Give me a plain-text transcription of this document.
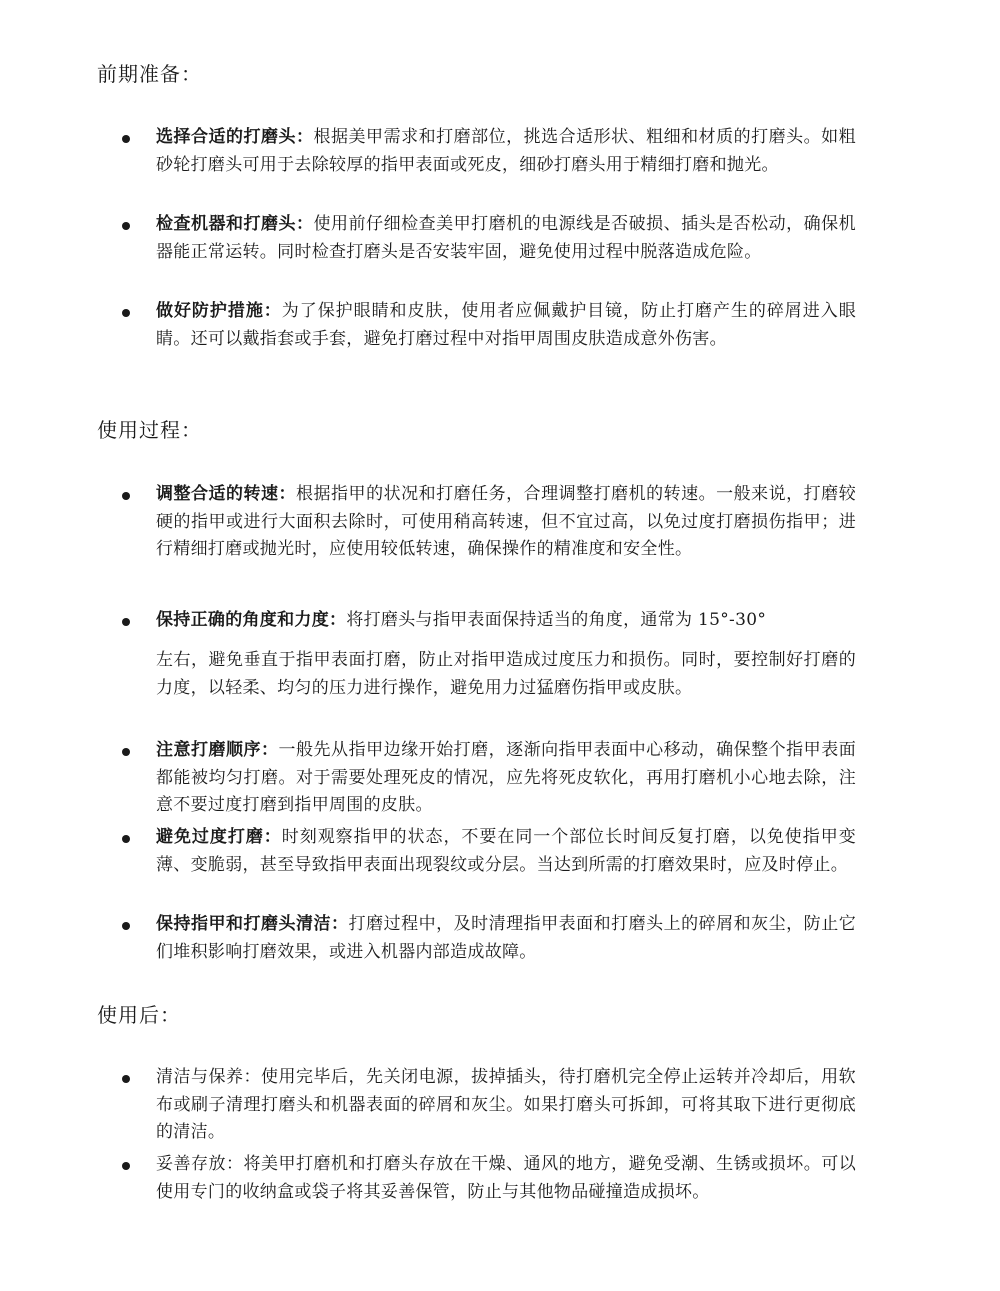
前期准备：

选择合适的打磨头：根据美甲需求和打磨部位，挑选合适形状、粗细和材质的打磨头。如粗砂轮打磨头可用于去除较厚的指甲表面或死皮，细砂打磨头用于精细打磨和抛光。

检查机器和打磨头：使用前仔细检查美甲打磨机的电源线是否破损、插头是否松动，确保机器能正常运转。同时检查打磨头是否安装牢固，避免使用过程中脱落造成危险。

做好防护措施：为了保护眼睛和皮肤，使用者应佩戴护目镜，防止打磨产生的碎屑进入眼睛。还可以戴指套或手套，避免打磨过程中对指甲周围皮肤造成意外伤害。

使用过程：

调整合适的转速：根据指甲的状况和打磨任务，合理调整打磨机的转速。一般来说，打磨较硬的指甲或进行大面积去除时，可使用稍高转速，但不宜过高，以免过度打磨损伤指甲；进行精细打磨或抛光时，应使用较低转速，确保操作的精准度和安全性。

保持正确的角度和力度：将打磨头与指甲表面保持适当的角度，通常为 15°-30°

左右，避免垂直于指甲表面打磨，防止对指甲造成过度压力和损伤。同时，要控制好打磨的力度，以轻柔、均匀的压力进行操作，避免用力过猛磨伤指甲或皮肤。

注意打磨顺序：一般先从指甲边缘开始打磨，逐渐向指甲表面中心移动，确保整个指甲表面都能被均匀打磨。对于需要处理死皮的情况，应先将死皮软化，再用打磨机小心地去除，注意不要过度打磨到指甲周围的皮肤。

避免过度打磨：时刻观察指甲的状态，不要在同一个部位长时间反复打磨，以免使指甲变薄、变脆弱，甚至导致指甲表面出现裂纹或分层。当达到所需的打磨效果时，应及时停止。

保持指甲和打磨头清洁：打磨过程中，及时清理指甲表面和打磨头上的碎屑和灰尘，防止它们堆积影响打磨效果，或进入机器内部造成故障。

使用后：

清洁与保养：使用完毕后，先关闭电源，拔掉插头，待打磨机完全停止运转并冷却后，用软布或刷子清理打磨头和机器表面的碎屑和灰尘。如果打磨头可拆卸，可将其取下进行更彻底的清洁。

妥善存放：将美甲打磨机和打磨头存放在干燥、通风的地方，避免受潮、生锈或损坏。可以使用专门的收纳盒或袋子将其妥善保管，防止与其他物品碰撞造成损坏。
